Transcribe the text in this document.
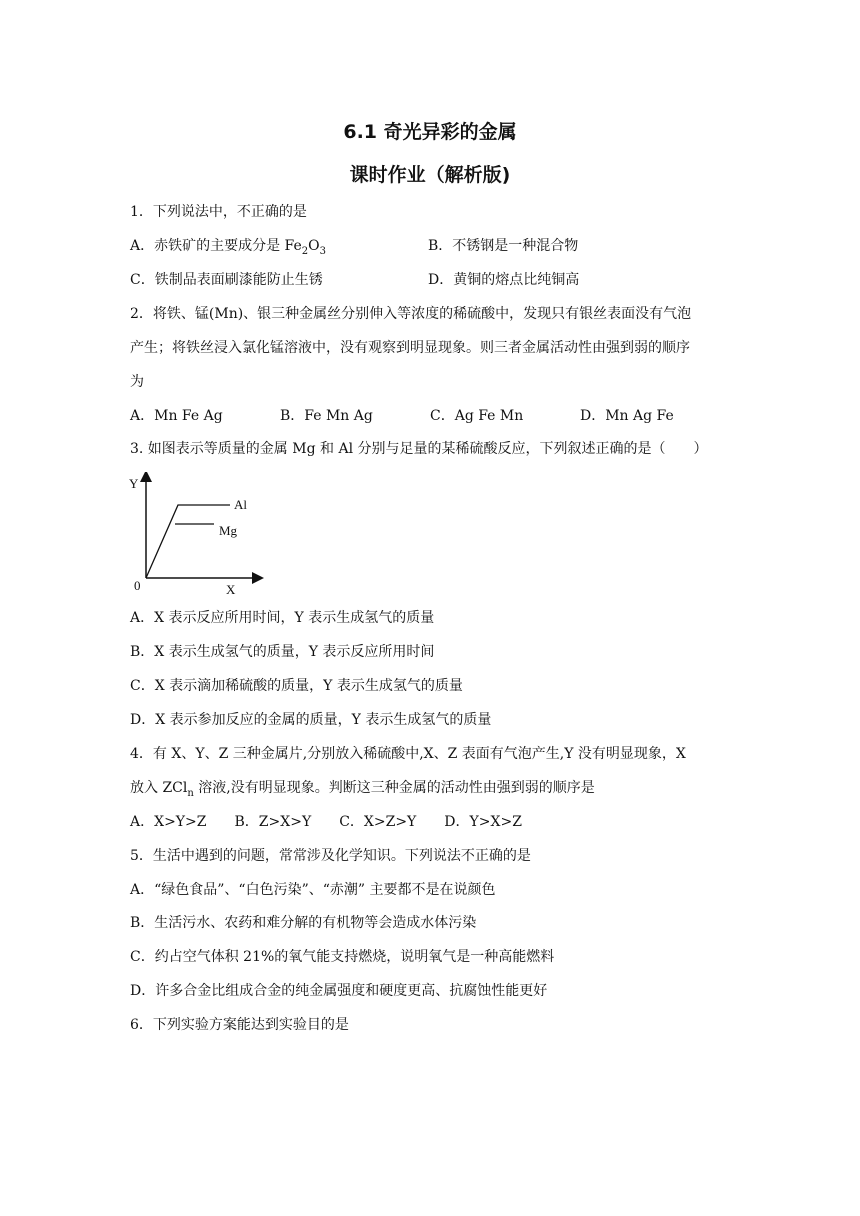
6.1 奇光异彩的金属
课时作业（解析版)
1．下列说法中，不正确的是
A．赤铁矿的主要成分是 $Fe_2O_3$	B．不锈钢是一种混合物
C．铁制品表面刷漆能防止生锈	D．黄铜的熔点比纯铜高
2．将铁、锰(Mn)、银三种金属丝分别伸入等浓度的稀硫酸中，发现只有银丝表面没有气泡
产生；将铁丝浸入氯化锰溶液中，没有观察到明显现象。则三者金属活动性由强到弱的顺序
为
A．Mn Fe Ag	B．Fe Mn Ag	C．Ag Fe Mn	D．Mn Ag Fe
3. 如图表示等质量的金属 Mg 和 Al 分别与足量的某稀硫酸反应，下列叙述正确的是（　　）
Y
X
0
Al
Mg
A．X 表示反应所用时间，Y 表示生成氢气的质量
B．X 表示生成氢气的质量，Y 表示反应所用时间
C．X 表示滴加稀硫酸的质量，Y 表示生成氢气的质量
D．X 表示参加反应的金属的质量，Y 表示生成氢气的质量
4．有 X、Y、Z 三种金属片,分别放入稀硫酸中,X、Z 表面有气泡产生,Y 没有明显现象，X
放入 ZCl$_n$ 溶液,没有明显现象。判断这三种金属的活动性由强到弱的顺序是
A．X>Y>Z　　B．Z>X>Y　　C．X>Z>Y　　D．Y>X>Z
5．生活中遇到的问题，常常涉及化学知识。下列说法不正确的是
A．“绿色食品”、“白色污染”、“赤潮” 主要都不是在说颜色
B．生活污水、农药和难分解的有机物等会造成水体污染
C．约占空气体积 21%的氧气能支持燃烧，说明氧气是一种高能燃料
D．许多合金比组成合金的纯金属强度和硬度更高、抗腐蚀性能更好
6．下列实验方案能达到实验目的是
